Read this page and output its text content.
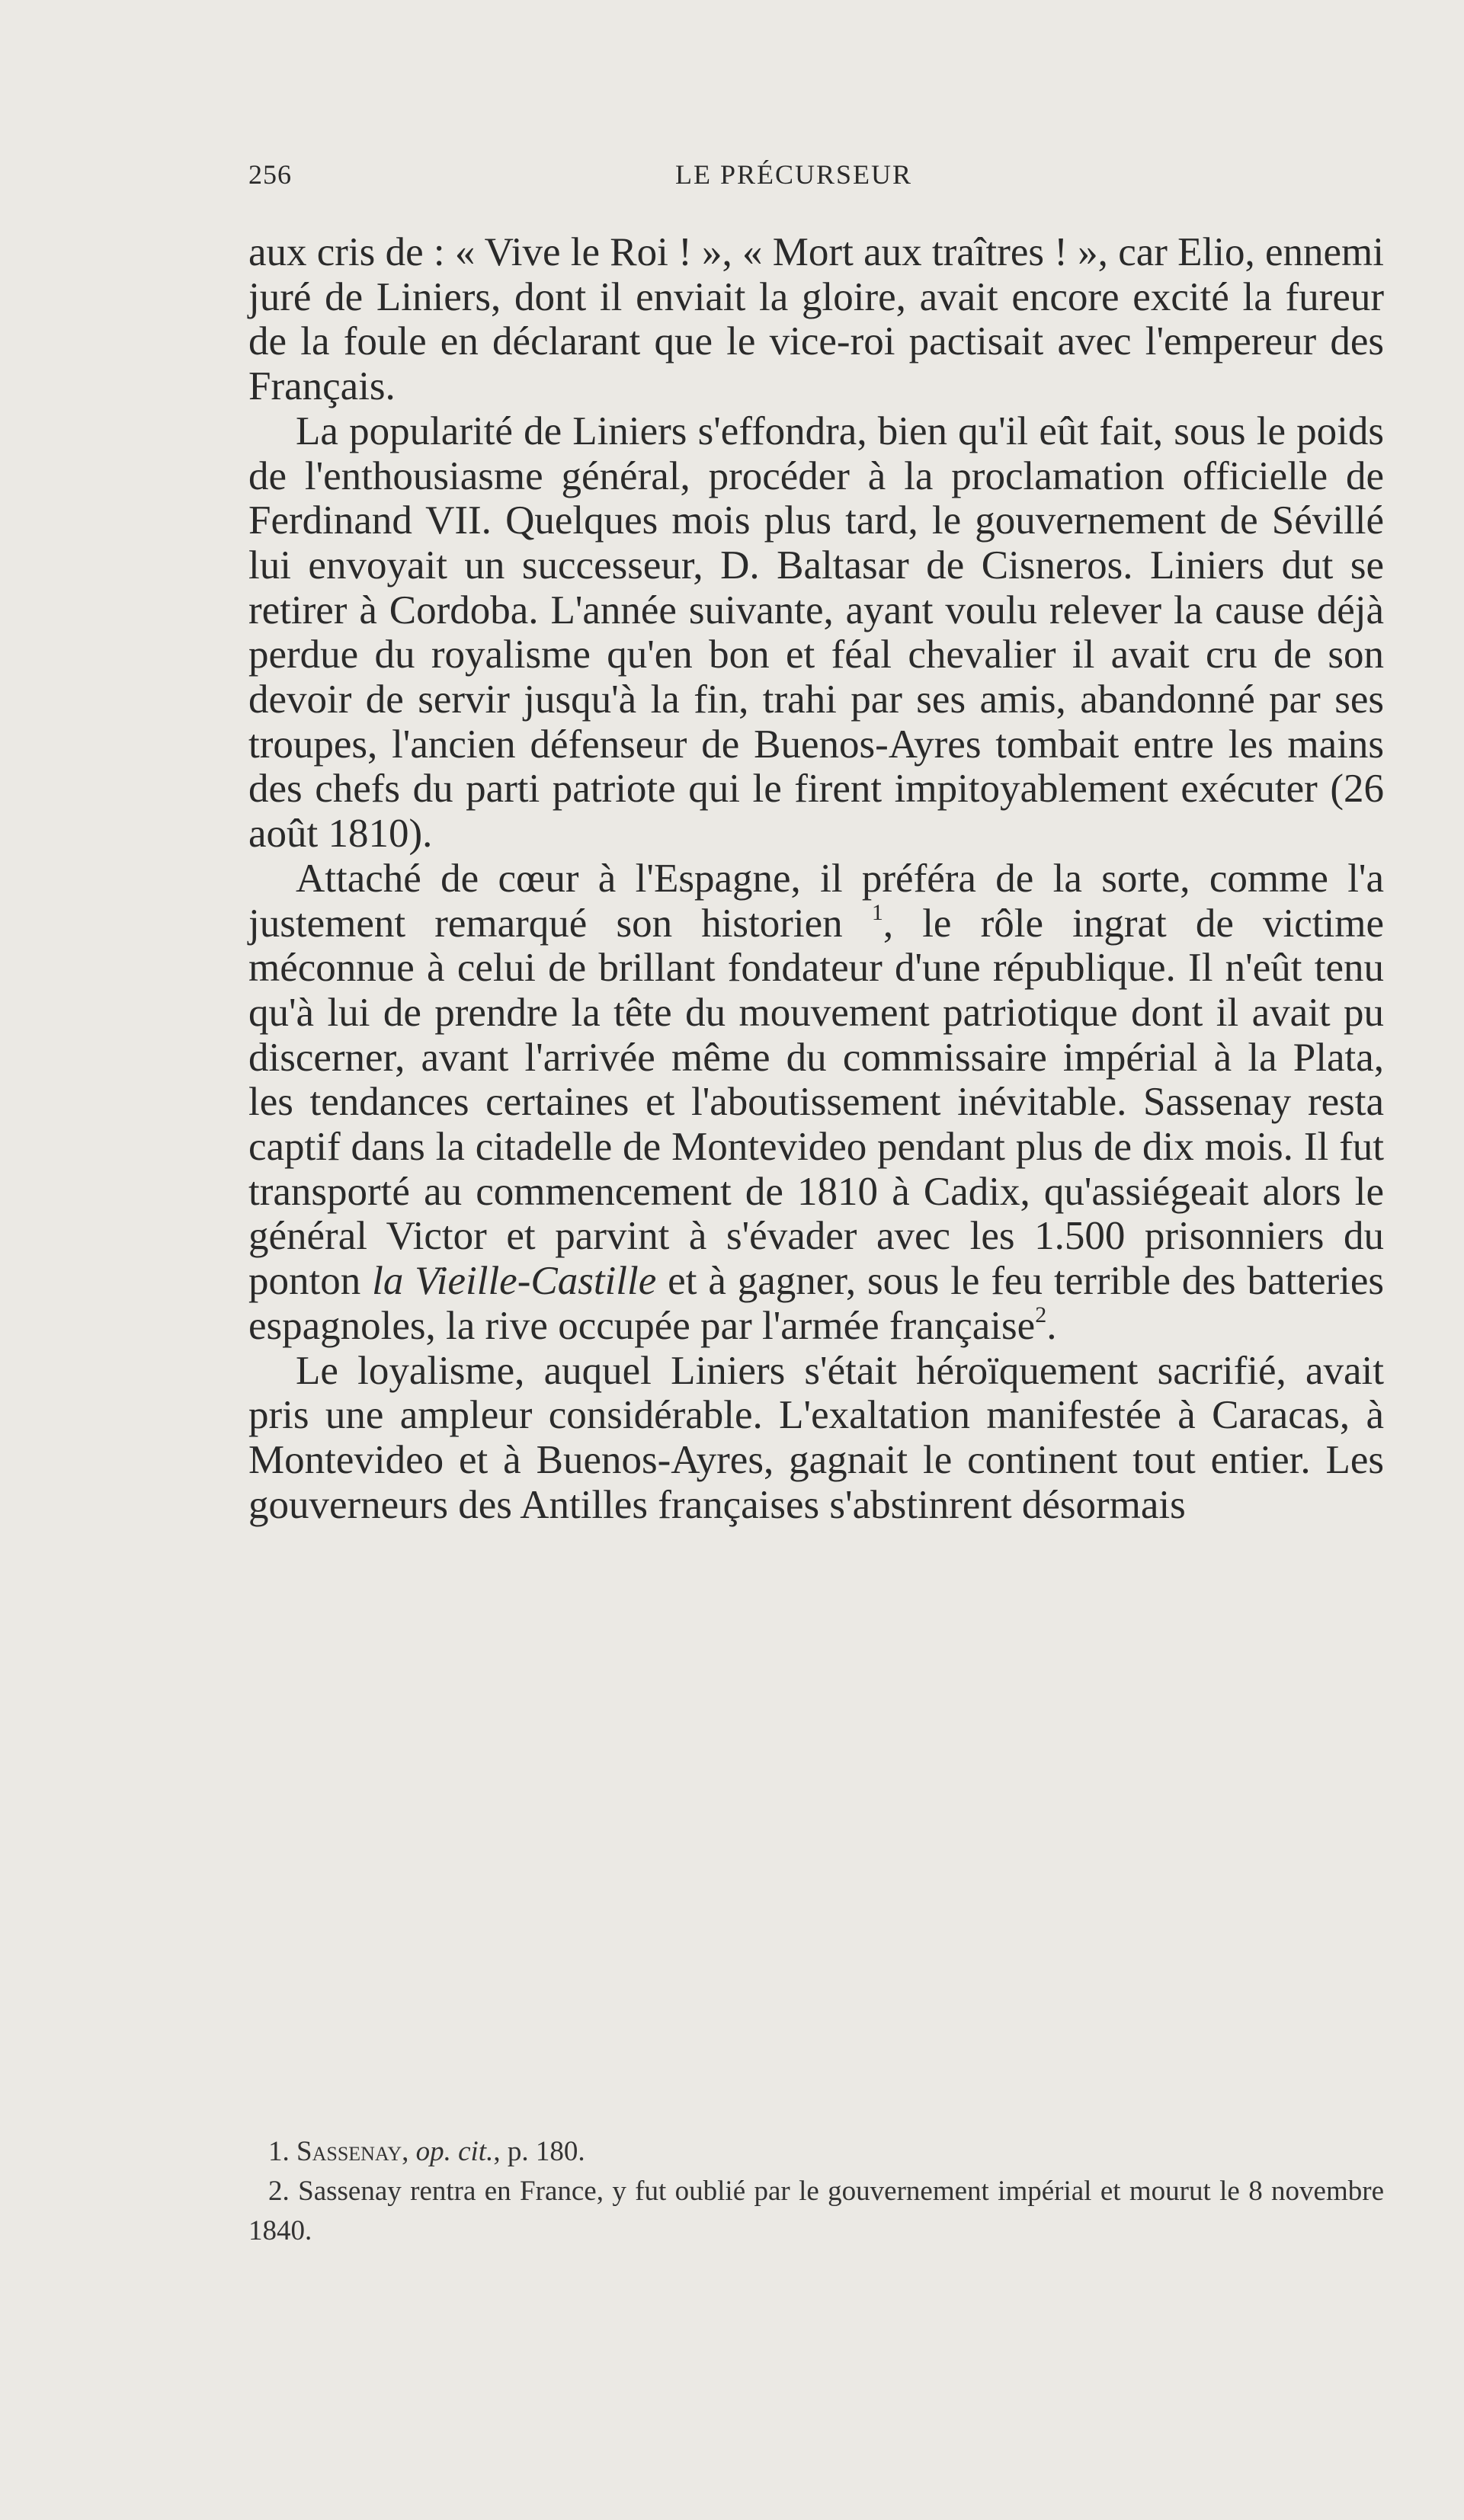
256	LE PRÉCURSEUR

aux cris de : « Vive le Roi ! », « Mort aux traîtres ! », car Elio, ennemi juré de Liniers, dont il enviait la gloire, avait encore excité la fureur de la foule en déclarant que le vice-roi pactisait avec l'empereur des Français.

La popularité de Liniers s'effondra, bien qu'il eût fait, sous le poids de l'enthousiasme général, procéder à la proclamation officielle de Ferdinand VII. Quelques mois plus tard, le gouvernement de Sévillé lui envoyait un successeur, D. Baltasar de Cisneros. Liniers dut se retirer à Cordoba. L'année suivante, ayant voulu relever la cause déjà perdue du royalisme qu'en bon et féal chevalier il avait cru de son devoir de servir jusqu'à la fin, trahi par ses amis, abandonné par ses troupes, l'ancien défenseur de Buenos-Ayres tombait entre les mains des chefs du parti patriote qui le firent impitoyablement exécuter (26 août 1810).

Attaché de cœur à l'Espagne, il préféra de la sorte, comme l'a justement remarqué son historien $^1$, le rôle ingrat de victime méconnue à celui de brillant fondateur d'une république. Il n'eût tenu qu'à lui de prendre la tête du mouvement patriotique dont il avait pu discerner, avant l'arrivée même du commissaire impérial à la Plata, les tendances certaines et l'aboutissement inévitable. Sassenay resta captif dans la citadelle de Montevideo pendant plus de dix mois. Il fut transporté au commencement de 1810 à Cadix, qu'assiégeait alors le général Victor et parvint à s'évader avec les 1.500 prisonniers du ponton la Vieille-Castille et à gagner, sous le feu terrible des batteries espagnoles, la rive occupée par l'armée française$^2$.

Le loyalisme, auquel Liniers s'était héroïquement sacrifié, avait pris une ampleur considérable. L'exaltation manifestée à Caracas, à Montevideo et à Buenos-Ayres, gagnait le continent tout entier. Les gouverneurs des Antilles françaises s'abstinrent désormais

1. Sassenay, op. cit., p. 180.

2. Sassenay rentra en France, y fut oublié par le gouvernement impérial et mourut le 8 novembre 1840.
